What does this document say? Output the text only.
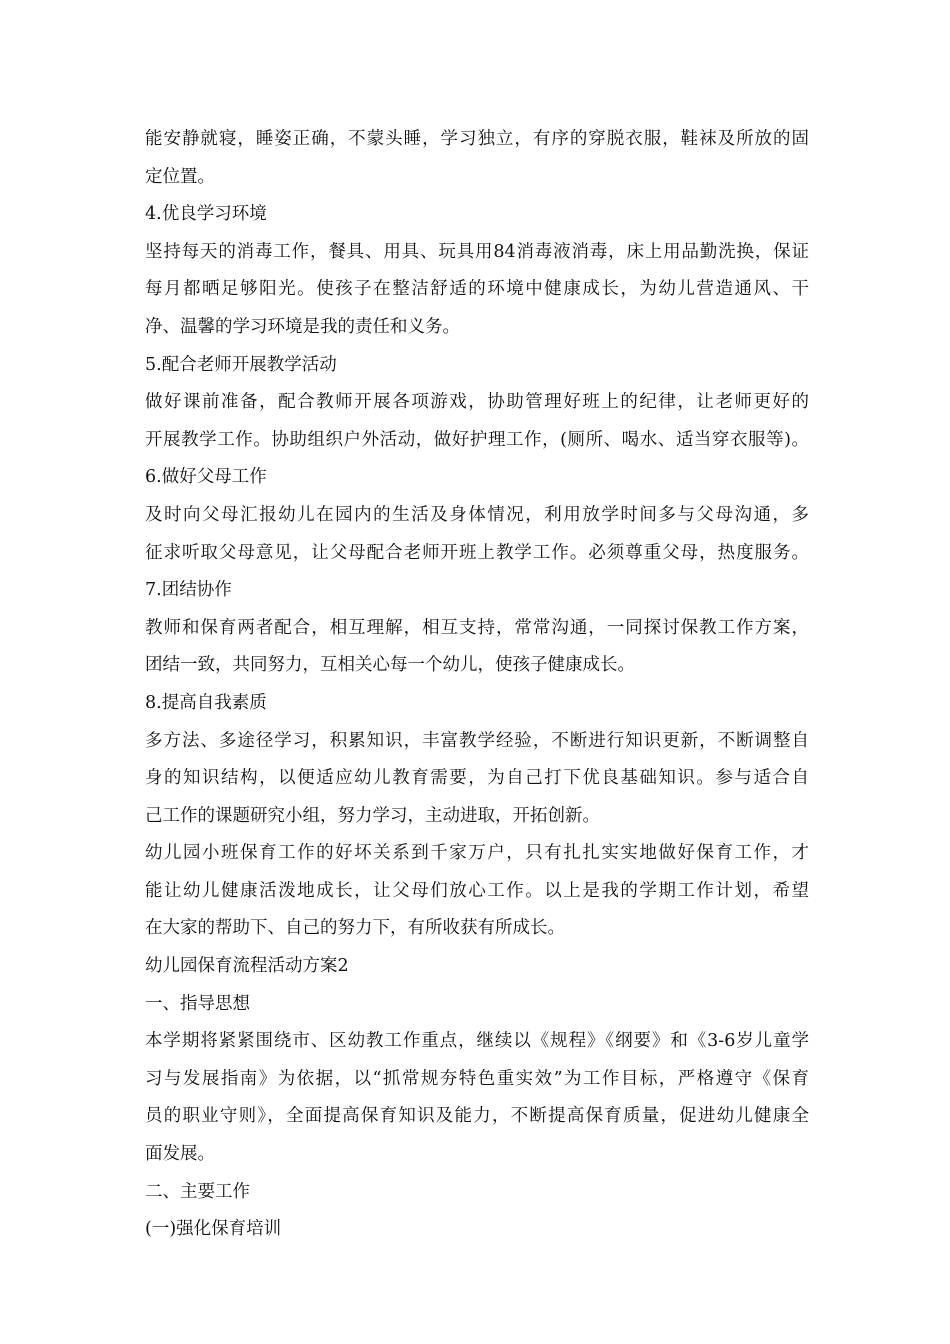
能安静就寝，睡姿正确，不蒙头睡，学习独立，有序的穿脱衣服，鞋袜及所放的固
定位置。
4.优良学习环境
坚持每天的消毒工作，餐具、用具、玩具用84消毒液消毒，床上用品勤洗换，保证
每月都晒足够阳光。使孩子在整洁舒适的环境中健康成长，为幼儿营造通风、干
净、温馨的学习环境是我的责任和义务。
5.配合老师开展教学活动
做好课前准备，配合教师开展各项游戏，协助管理好班上的纪律，让老师更好的
开展教学工作。协助组织户外活动，做好护理工作，(厕所、喝水、适当穿衣服等)。
6.做好父母工作
及时向父母汇报幼儿在园内的生活及身体情况，利用放学时间多与父母沟通，多
征求听取父母意见，让父母配合老师开班上教学工作。必须尊重父母，热度服务。
7.团结协作
教师和保育两者配合，相互理解，相互支持，常常沟通，一同探讨保教工作方案，
团结一致，共同努力，互相关心每一个幼儿，使孩子健康成长。
8.提高自我素质
多方法、多途径学习，积累知识，丰富教学经验，不断进行知识更新，不断调整自
身的知识结构，以便适应幼儿教育需要，为自己打下优良基础知识。参与适合自
己工作的课题研究小组，努力学习，主动进取，开拓创新。
幼儿园小班保育工作的好坏关系到千家万户，只有扎扎实实地做好保育工作，才
能让幼儿健康活泼地成长，让父母们放心工作。以上是我的学期工作计划，希望
在大家的帮助下、自己的努力下，有所收获有所成长。
幼儿园保育流程活动方案2
一、指导思想
本学期将紧紧围绕市、区幼教工作重点，继续以《规程》《纲要》和《3-6岁儿童学
习与发展指南》为依据，以“抓常规夯特色重实效”为工作目标，严格遵守《保育
员的职业守则》，全面提高保育知识及能力，不断提高保育质量，促进幼儿健康全
面发展。
二、主要工作
(一)强化保育培训
